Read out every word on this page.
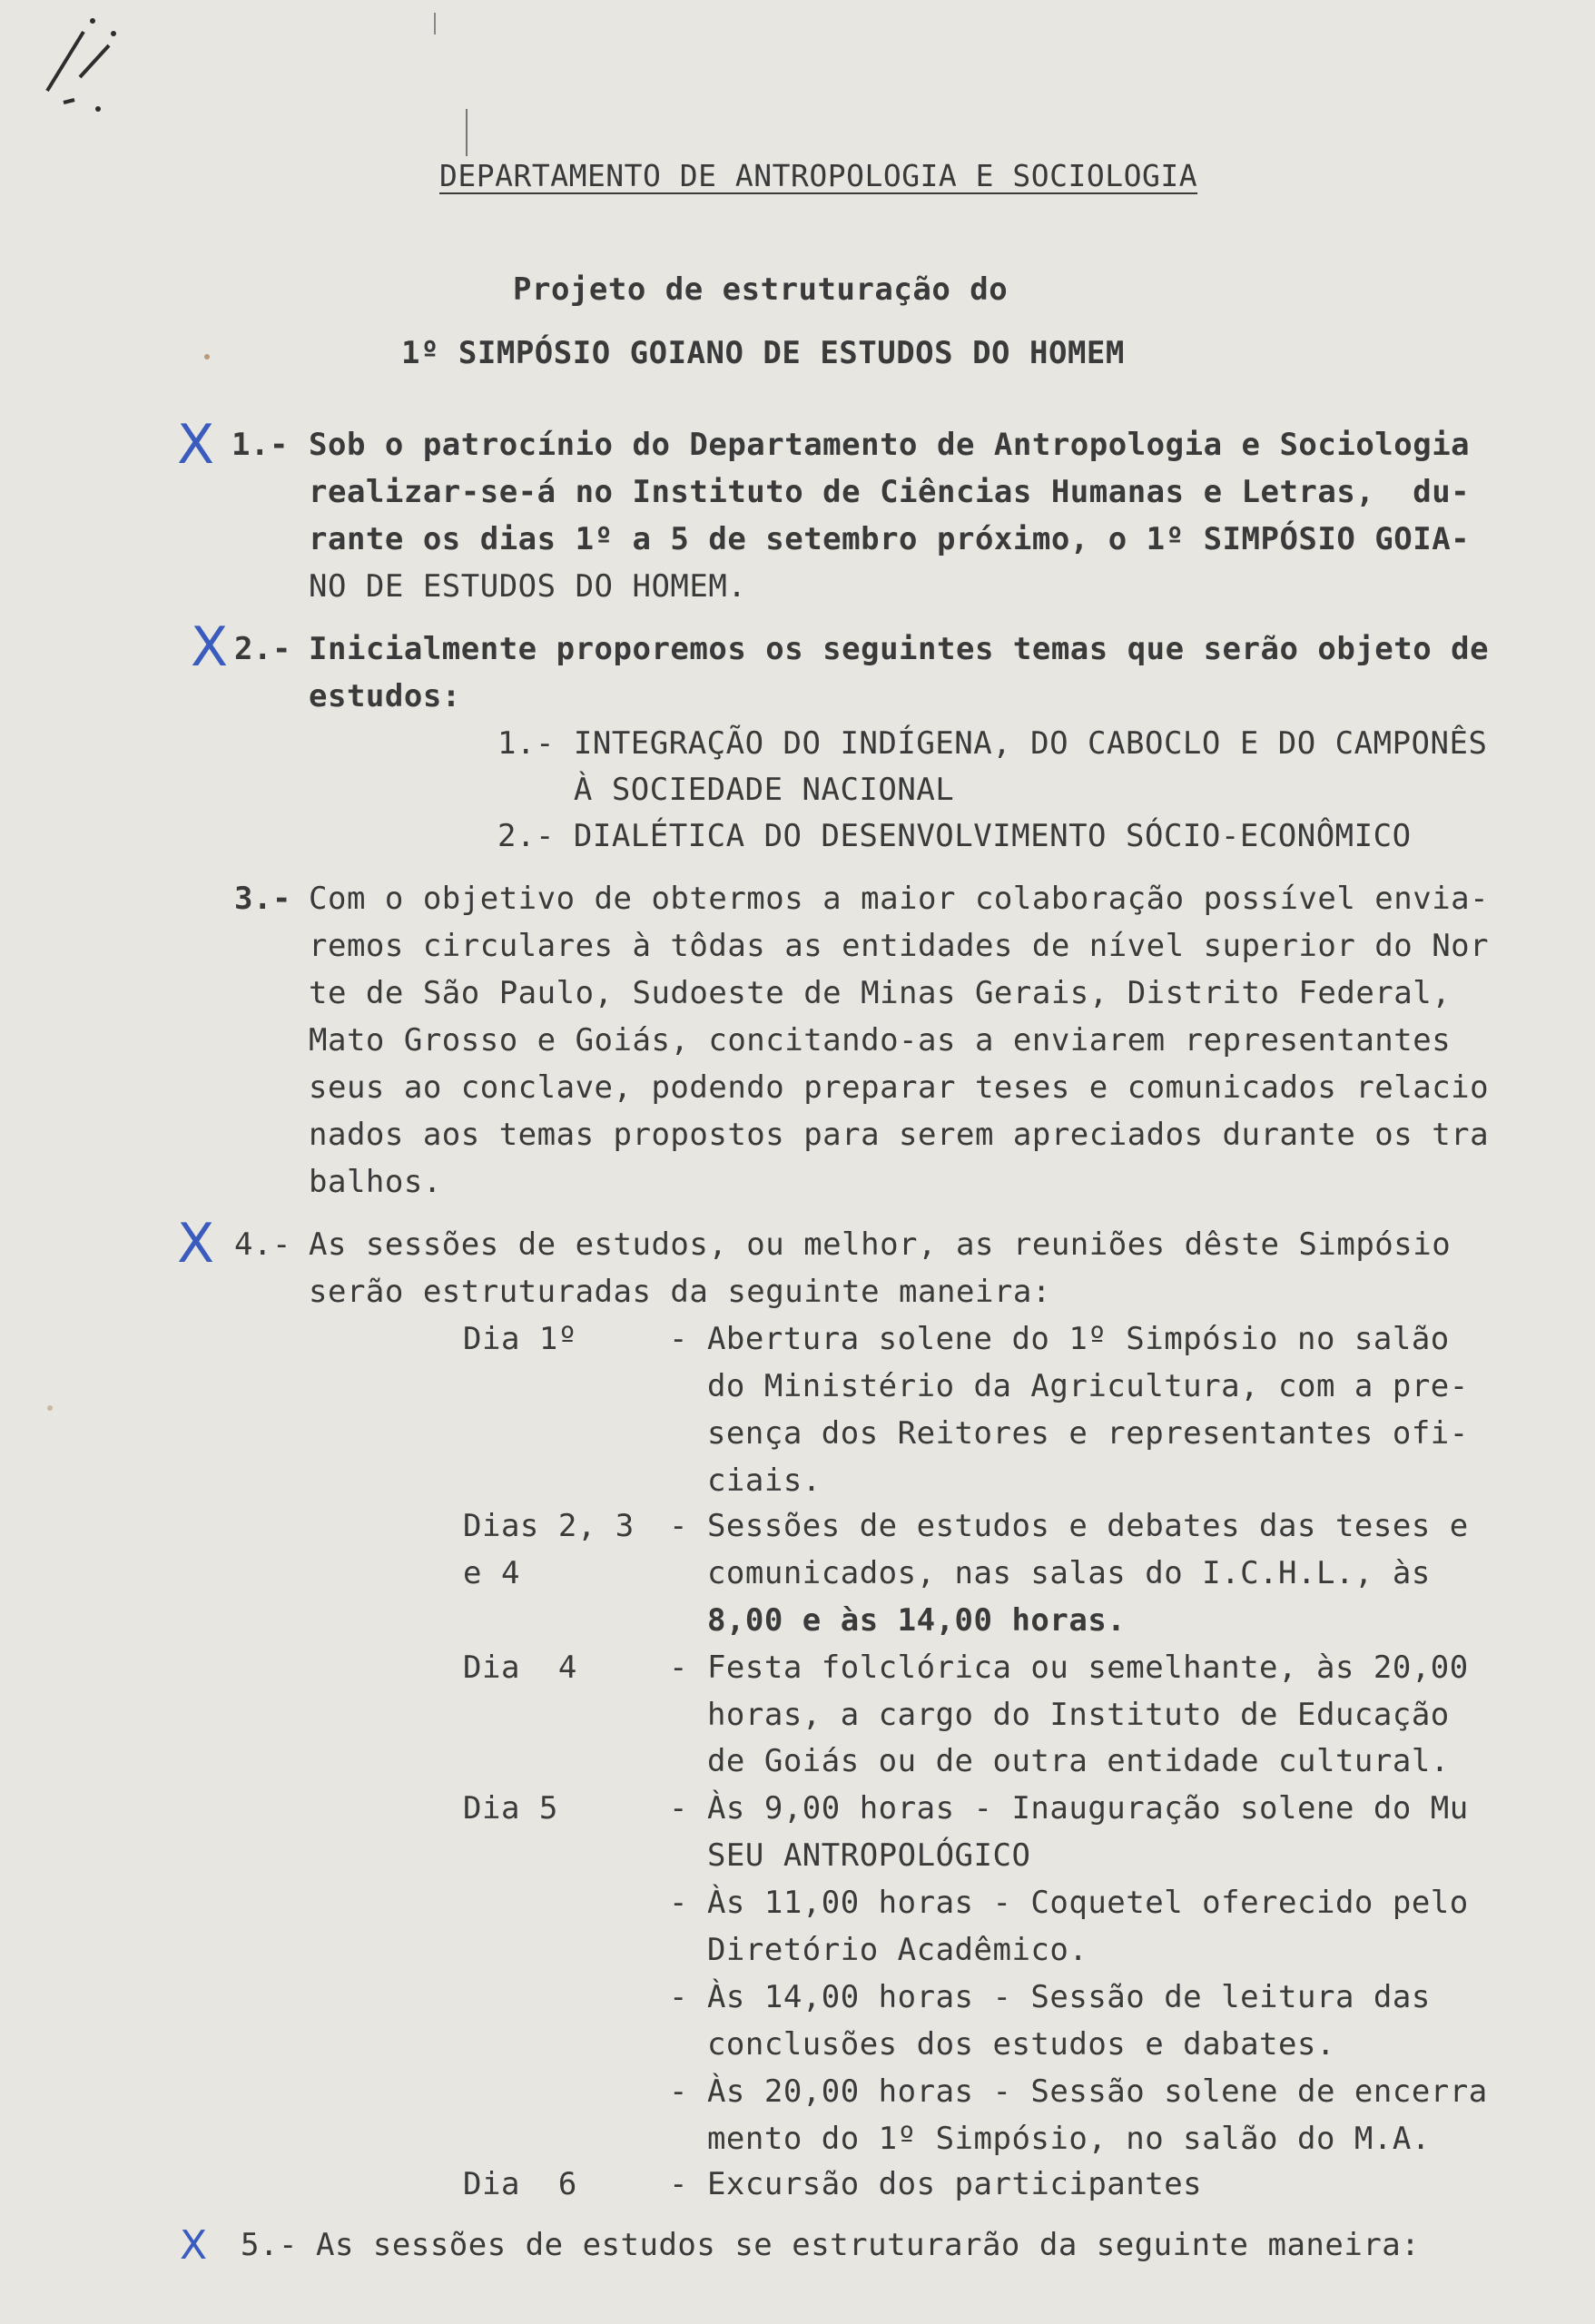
DEPARTAMENTO DE ANTROPOLOGIA E SOCIOLOGIA
Projeto de estruturação do
1º SIMPÓSIO GOIANO DE ESTUDOS DO HOMEM
X 1.- Sob o patrocínio do Departamento de Antropologia e Sociologia
realizar-se-á no Instituto de Ciências Humanas e Letras,  du-
rante os dias 1º a 5 de setembro próximo, o 1º SIMPÓSIO GOIA-
NO DE ESTUDOS DO HOMEM.
X 2.- Inicialmente proporemos os seguintes temas que serão objeto de
estudos:
1.- INTEGRAÇÃO DO INDÍGENA, DO CABOCLO E DO CAMPONÊS
À SOCIEDADE NACIONAL
2.- DIALÉTICA DO DESENVOLVIMENTO SÓCIO-ECONÔMICO
3.- Com o objetivo de obtermos a maior colaboração possível envia-
remos circulares à tôdas as entidades de nível superior do Nor
te de São Paulo, Sudoeste de Minas Gerais, Distrito Federal,
Mato Grosso e Goiás, concitando-as a enviarem representantes
seus ao conclave, podendo preparar teses e comunicados relacio
nados aos temas propostos para serem apreciados durante os tra
balhos.
X 4.- As sessões de estudos, ou melhor, as reuniões dêste Simpósio
serão estruturadas da seguinte maneira:
Dia 1º
Dias 2, 3
e 4
Dia  4
Dia 5
Dia  6
- Abertura solene do 1º Simpósio no salão
do Ministério da Agricultura, com a pre-
sença dos Reitores e representantes ofi-
ciais.
- Sessões de estudos e debates das teses e
comunicados, nas salas do I.C.H.L., às
8,00 e às 14,00 horas.
- Festa folclórica ou semelhante, às 20,00
horas, a cargo do Instituto de Educação
de Goiás ou de outra entidade cultural.
- Às 9,00 horas - Inauguração solene do Mu
SEU ANTROPOLÓGICO
- Às 11,00 horas - Coquetel oferecido pelo
Diretório Acadêmico.
- Às 14,00 horas - Sessão de leitura das
conclusões dos estudos e dabates.
- Às 20,00 horas - Sessão solene de encerra
mento do 1º Simpósio, no salão do M.A.
- Excursão dos participantes
X 5.- As sessões de estudos se estruturarão da seguinte maneira:
